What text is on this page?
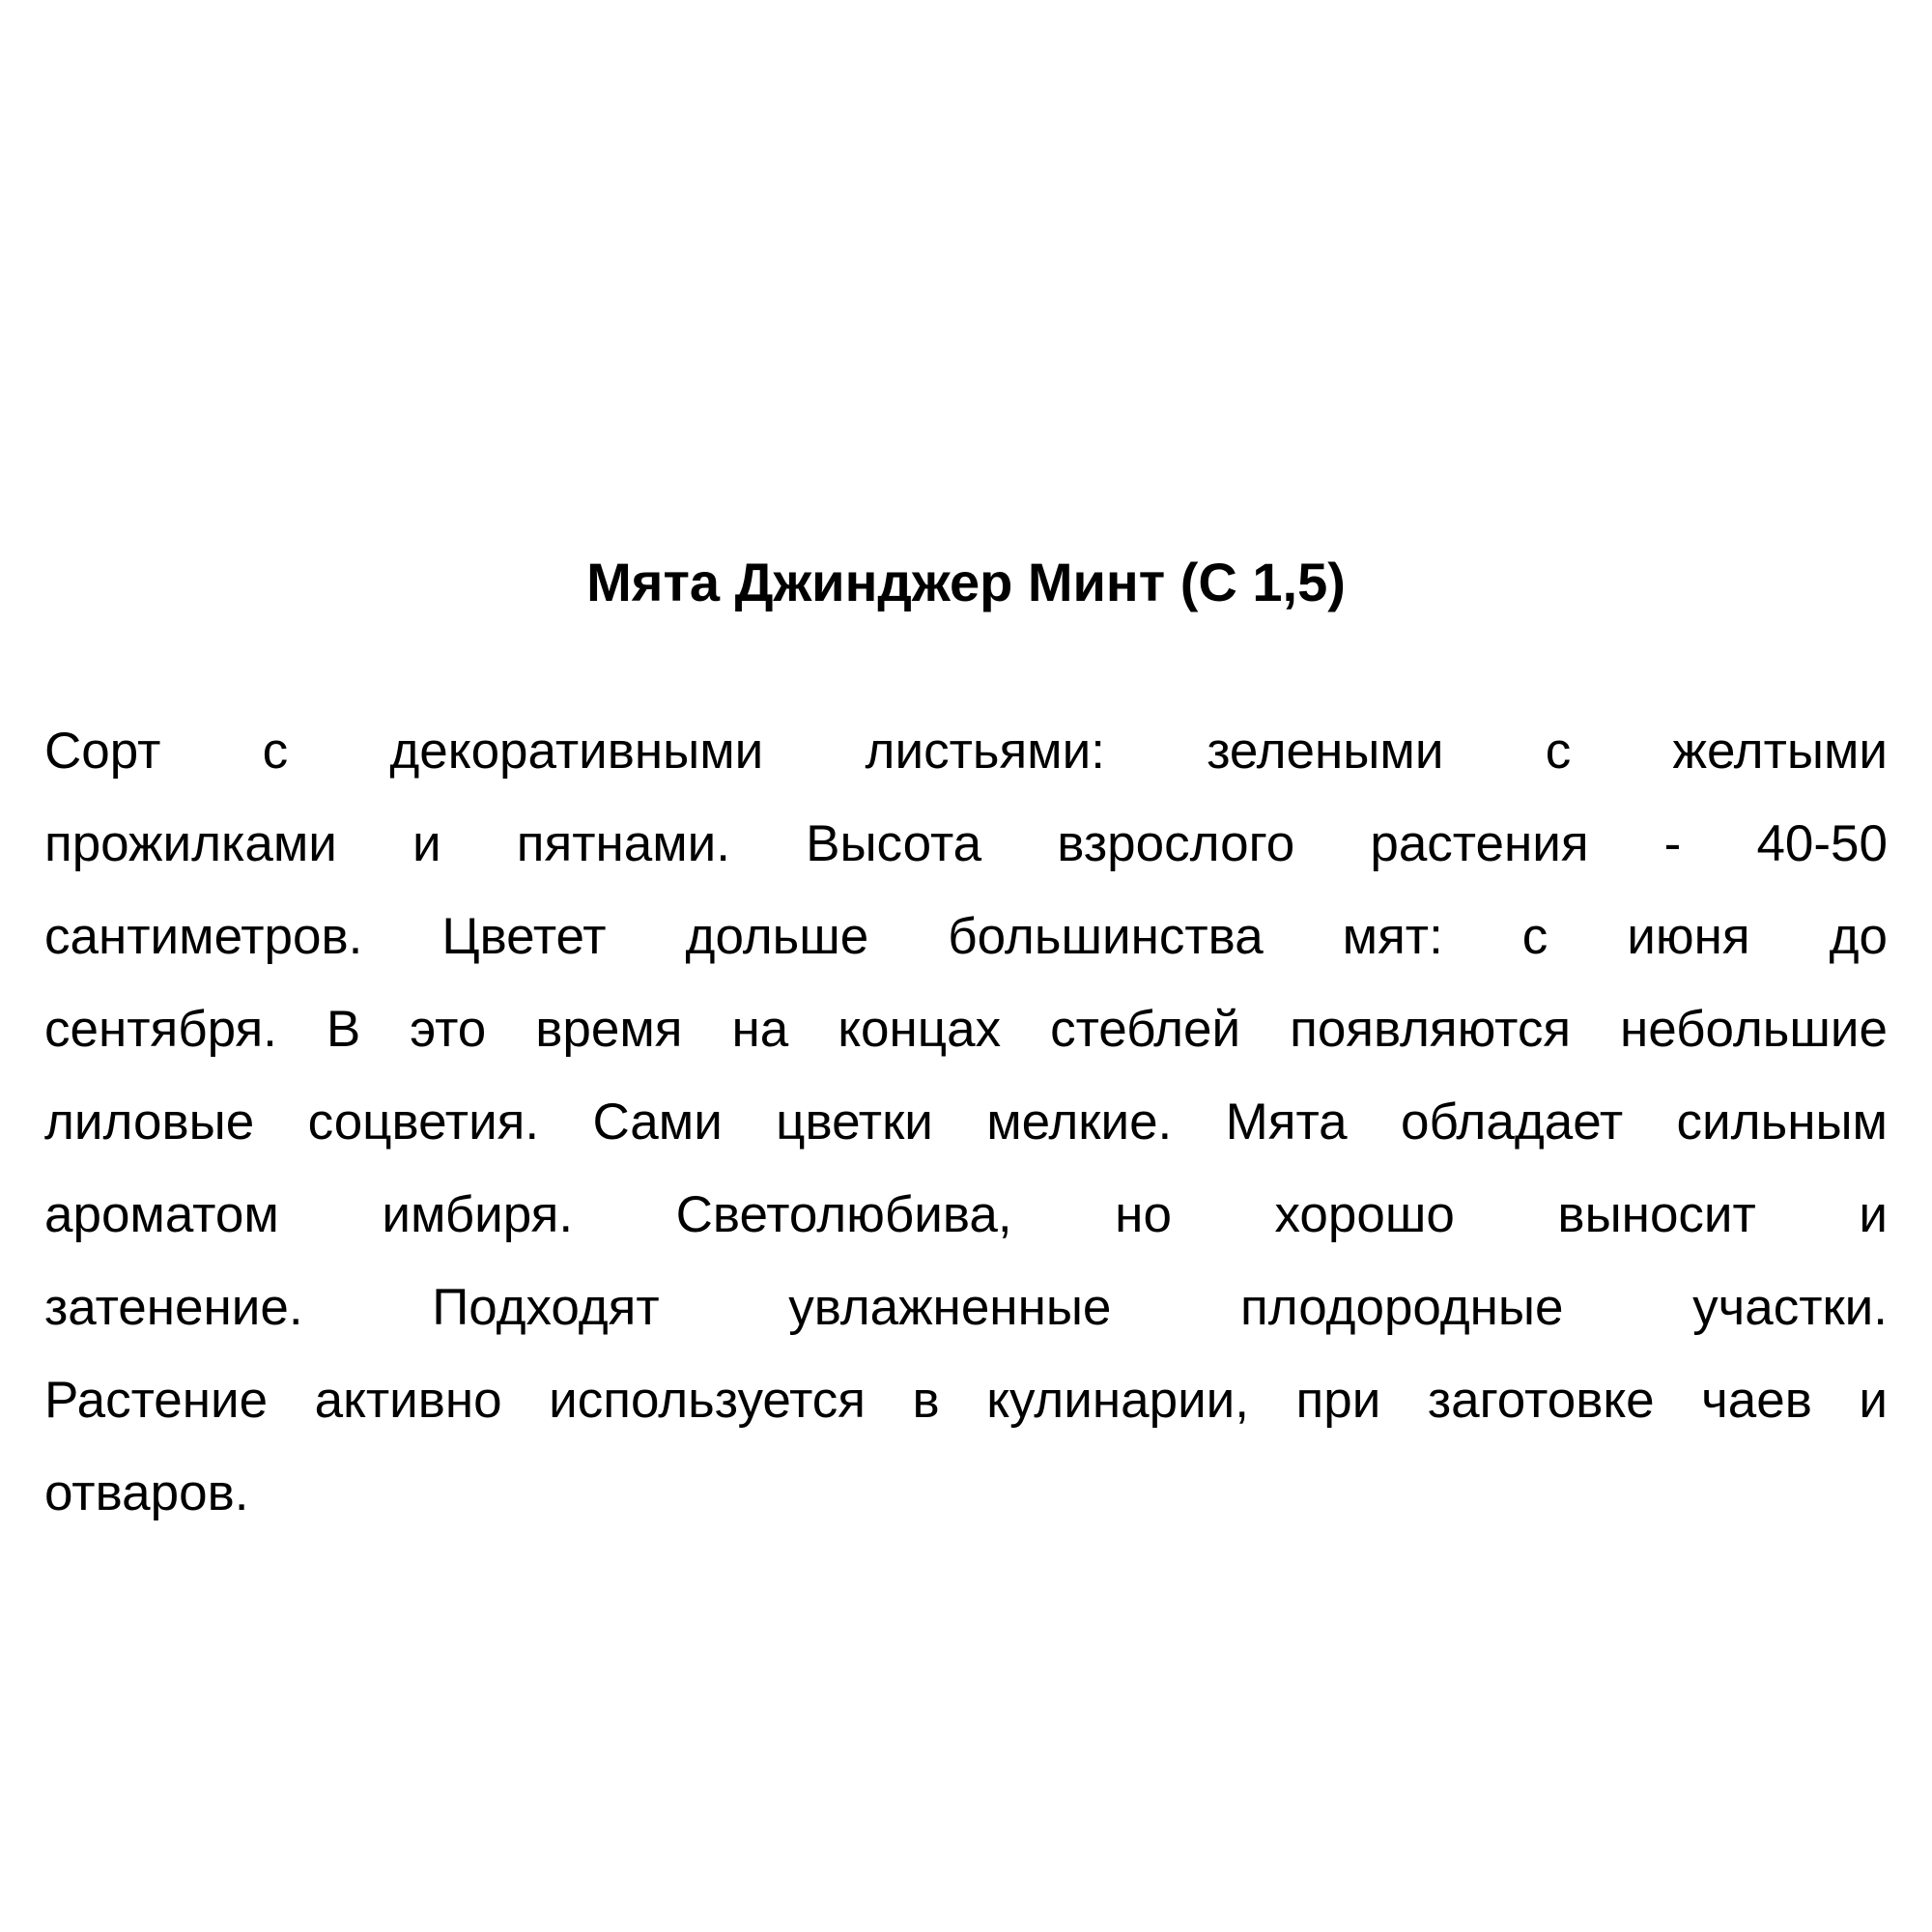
Мята Джинджер Минт (С 1,5)
Сорт с декоративными листьями: зелеными с желтыми
прожилками и пятнами. Высота взрослого растения - 40-50
сантиметров. Цветет дольше большинства мят: с июня до
сентября. В это время на концах стеблей появляются небольшие
лиловые соцветия. Сами цветки мелкие. Мята обладает сильным
ароматом имбиря. Светолюбива, но хорошо выносит и
затенение. Подходят увлажненные плодородные участки.
Растение активно используется в кулинарии, при заготовке чаев и
отваров.
